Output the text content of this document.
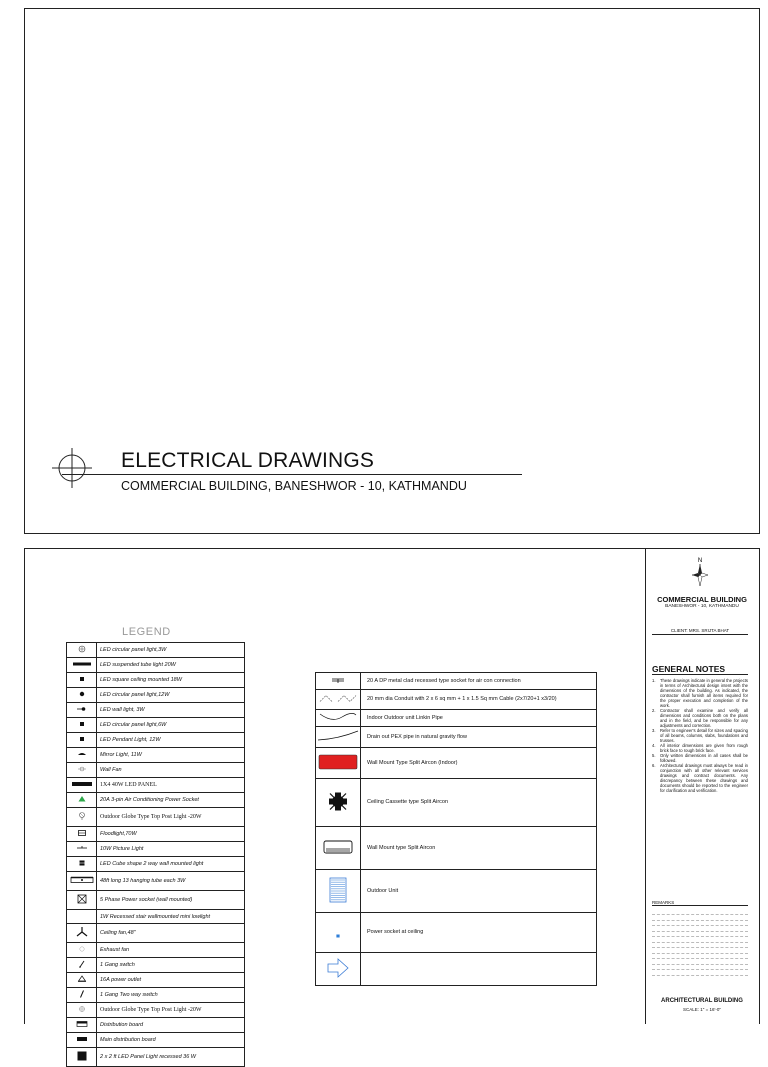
ELECTRICAL DRAWINGS
COMMERCIAL BUILDING, BANESHWOR - 10, KATHMANDU
LEGEND
	LED circular panel light,3W
	LED suspended tube light 20W
	LED square ceiling mounted 18W
	LED circular panel light,12W
	LED wall light, 3W
	LED circular panel light,6W
	LED Pendant Light, 12W
	Mirror Light, 11W
	Wall Fan
	1X4 40W LED PANEL
	20A 3-pin Air Conditioning Power Socket
	Outdoor Globe Type Top Post Light -20W
	Floodlight,70W
	10W Picture Light
	LED Cube shape 2 way wall mounted light
	48ft long 13 hanging tube each 3W
	5 Phase Power socket (wall mounted)
	1W Recessed stair wallmounted mini lowlight
	Ceiling fan,48"
	Exhaust fan
	1 Gang switch
	16A power outlet
	1 Gang Two way switch
	Outdoor Globe Type Top Post Light -20W
	Distribution board
	Main distribution board
	2 x 2 ft LED Panel Light recessed 36 W
	20 A DP metal clad recessed type socket for air con connection
	20 mm dia Conduit with 2 x 6 sq mm + 1 x 1.5 Sq mm Cable (2x7/20+1 x3/20)
	Indoor Outdoor unit Linkin Pipe
	Drain out PEX pipe in natural gravity flow
	Wall Mount Type Split Aircon (Indoor)
	Ceiling Cassette type Split Aircon
	Wall Mount type Split Aircon
	Outdoor Unit
	Power socket at ceiling

N
COMMERCIAL BUILDING
BANESHWOR - 10, KATHMANDU
CLIENT: MRS. SRIJTA BHAT
GENERAL NOTES
1. These drawings indicate in general the projects in terms of Architectural design intent with the dimensions of the building. As indicated, the contractor shall furnish all items required for the proper execution and completion of the work.
2. Contractor shall examine and verify all dimensions and conditions both on the plans and in the field, and be responsible for any adjustments and correction.
3. Refer to engineer's detail for sizes and spacing of all beams, columns, slabs, foundations and trusses.
4. All interior dimensions are given from rough brick face to rough brick face.
5. Only written dimensions in all cases shall be followed.
6. Architectural drawings must always be read in conjunction with all other relevant services drawings and contract documents. Any discrepancy between these drawings and documents should be reported to the engineer for clarification and verification.
REMARKS
ARCHITECTURAL BUILDING
SCALE: 1" = 16'-0"
